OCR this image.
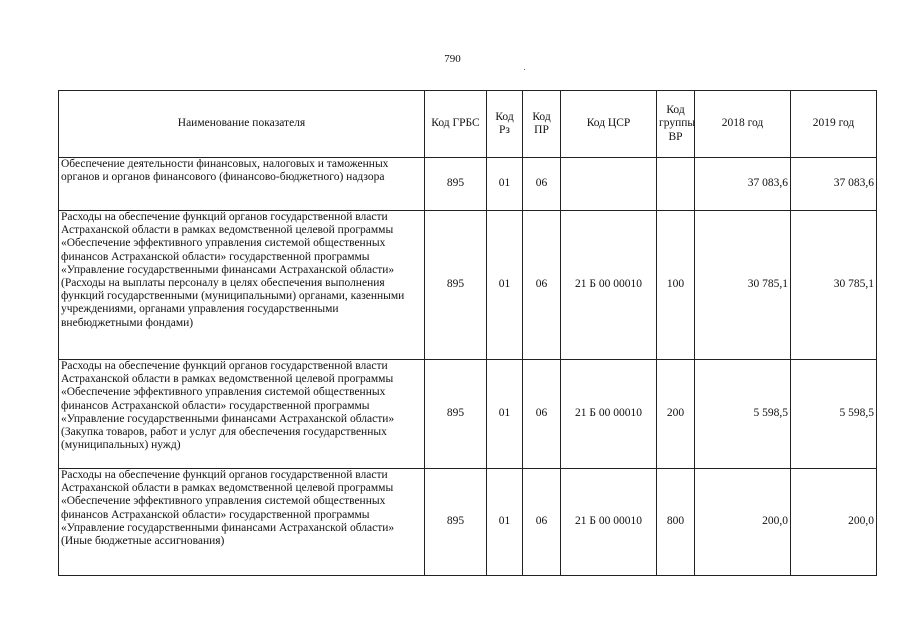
790
Наименование показателя	Код ГРБС	Код Рз	Код ПР	Код ЦСР	Код группы ВР	2018 год	2019 год
Обеспечение деятельности финансовых, налоговых и таможенных органов и органов финансового (финансово-бюджетного) надзора	895	01	06			37 083,6	37 083,6
Расходы на обеспечение функций органов государственной власти Астраханской области в рамках ведомственной целевой программы «Обеспечение эффективного управления системой общественных финансов Астраханской области» государственной программы «Управление государственными финансами Астраханской области» (Расходы на выплаты персоналу в целях обеспечения выполнения функций государственными (муниципальными) органами, казенными учреждениями, органами управления государственными внебюджетными фондами)	895	01	06	21 Б 00 00010	100	30 785,1	30 785,1
Расходы на обеспечение функций органов государственной власти Астраханской области в рамках ведомственной целевой программы «Обеспечение эффективного управления системой общественных финансов Астраханской области» государственной программы «Управление государственными финансами Астраханской области» (Закупка товаров, работ и услуг для обеспечения государственных (муниципальных) нужд)	895	01	06	21 Б 00 00010	200	5 598,5	5 598,5
Расходы на обеспечение функций органов государственной власти Астраханской области в рамках ведомственной целевой программы «Обеспечение эффективного управления системой общественных финансов Астраханской области» государственной программы «Управление государственными финансами Астраханской области» (Иные бюджетные ассигнования)	895	01	06	21 Б 00 00010	800	200,0	200,0
